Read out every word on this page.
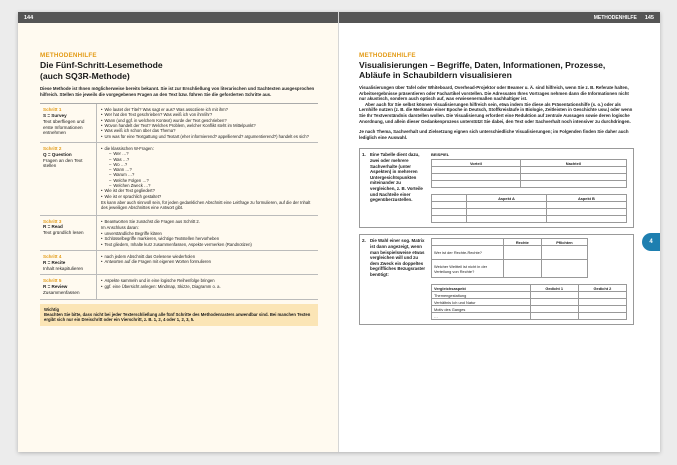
144
METHODENHILFE
Die Fünf-Schritt-Lesemethode
(auch SQ3R-Methode)
Diese Methode ist Ihnen möglicherweise bereits bekannt. Sie ist zur Erschließung von literarischen und Sachtexten ausgesprochen hilfreich. Stellen Sie jeweils die vorgegebenen Fragen an den Text bzw. führen Sie die geforderten Schritte aus.
Schritt 1
S = Survey
Text überfliegen und erste Informationen entnehmen
• Wie lautet der Titel? Was sagt er aus? Was assoziiere ich mit ihm?
• Wer hat den Text geschrieben? Was weiß ich von ihm/ihr?
• Wann (und ggf. in welchem Kontext) wurde der Text geschrieben?
• Wovon handelt der Text? Welches Problem, welcher Konflikt steht im Mittelpunkt?
• Was weiß ich schon über das Thema?
• Um was für eine Textgattung und Textart (eher informierend? appellierend? argumentierend?) handelt es sich?
Schritt 2
Q = Question
Fragen an den Text stellen
• die klassischen W-Fragen:
– Wer …?
– Was …?
– Wo …?
– Wann …?
– Warum …?
– Welche Folgen …?
– Welchen Zweck …?
• Wie ist der Text gegliedert?
• Wie ist er sprachlich gestaltet?
Es kann aber auch sinnvoll sein, für jeden gedanklichen Abschnitt eine Leitfrage zu formulieren, auf die der Inhalt des jeweiligen Abschnittes eine Antwort gibt.
Schritt 3
R = Read
Text gründlich lesen
• Beantworten Sie zunächst die Fragen aus Schritt 2.
Im Anschluss daran:
• unverständliche Begriffe klären
• Schlüsselbegriffe markieren, wichtige Textstellen hervorheben
• Text gliedern, Inhalte kurz zusammenfassen, Aspekte vermerken (Randnotizen)
Schritt 4
R = Recite
Inhalt rekapitulieren
• nach jedem Abschnitt das Gelesene wiederholen
• Antworten auf die Fragen mit eigenen Worten formulieren
Schritt 5
R = Review
Zusammenfassen
• Aspekte sammeln und in eine logische Reihenfolge bringen
• ggf. eine Übersicht anlegen: Mindmap, Skizze, Diagramm o. a.
Wichtig
Beachten Sie bitte, dass nicht bei jeder Texterschließung alle fünf Schritte des Methodenrasters anwendbar sind. Bei manchen Texten ergibt sich nur ein Dreischritt oder ein Vierschritt, z. B. 1, 2, 4 oder 1, 2, 3, 5.
METHODENHILFE 145
4
METHODENHILFE
Visualisierungen – Begriffe, Daten, Informationen, Prozesse, Abläufe in Schaubildern visualisieren
Visualisierungen über Tafel oder Whiteboard, Overhead-Projektor oder Beamer u. Ä. sind hilfreich, wenn Sie z. B. Referate halten, Arbeitsergebnisse präsentieren oder Fachartikel vorstellen. Die Adressaten Ihres Vortrages nehmen dann die Informationen nicht nur akustisch, sondern auch optisch auf, was erwiesenermaßen nachhaltiger ist.
Aber auch für Sie selbst können Visualisierungen hilfreich sein, etwa indem Sie diese als Präsentationshilfe (s. o.) oder als Lernhilfe nutzen (z. B. die Merkmale einer Epoche in Deutsch, Stoffkreisläufe in Biologie, Zeitleisten in Geschichte usw.) oder wenn Sie Ihr Textverständnis darstellen wollen. Die Visualisierung erfordert eine Reduktion auf zentrale Aussagen sowie deren logische Anordnung, und allein dieser Gedankenprozess unterstützt Sie dabei, den Text oder Sachverhalt noch intensiver zu durchdringen.
Je nach Thema, Sachverhalt und Zielsetzung eignen sich unterschiedliche Visualisierungen; im Folgenden finden Sie daher auch lediglich eine Auswahl.
1. Eine Tabelle dient dazu, zwei oder mehrere Sachverhalte (unter Aspekten) in mehreren Untergesichtspunkten miteinander zu vergleichen, z. B. Vorteile und Nachteile einer gegenüberzustellen.
BEISPIEL
Vorteil	Nachteil

	Aspekt A	Aspekt B

2. Die Wahl einer sog. Matrix ist dann angezeigt, wenn man beispielsweise etwas vergleichen will und zu dem Zweck ein doppeltes begriffliches Bezugsraster benötigt:
	Rechte	Pflichten
Wer ist der Rechte-Rechte?		
Welcher Weltteil ist nicht in der Verteilung von Rechte?		
Vergleichsaspekt	Gedicht 1	Gedicht 2
Themengestaltung		
Verhältnis Ich und Natur		
Motiv des Ganges		
…		
